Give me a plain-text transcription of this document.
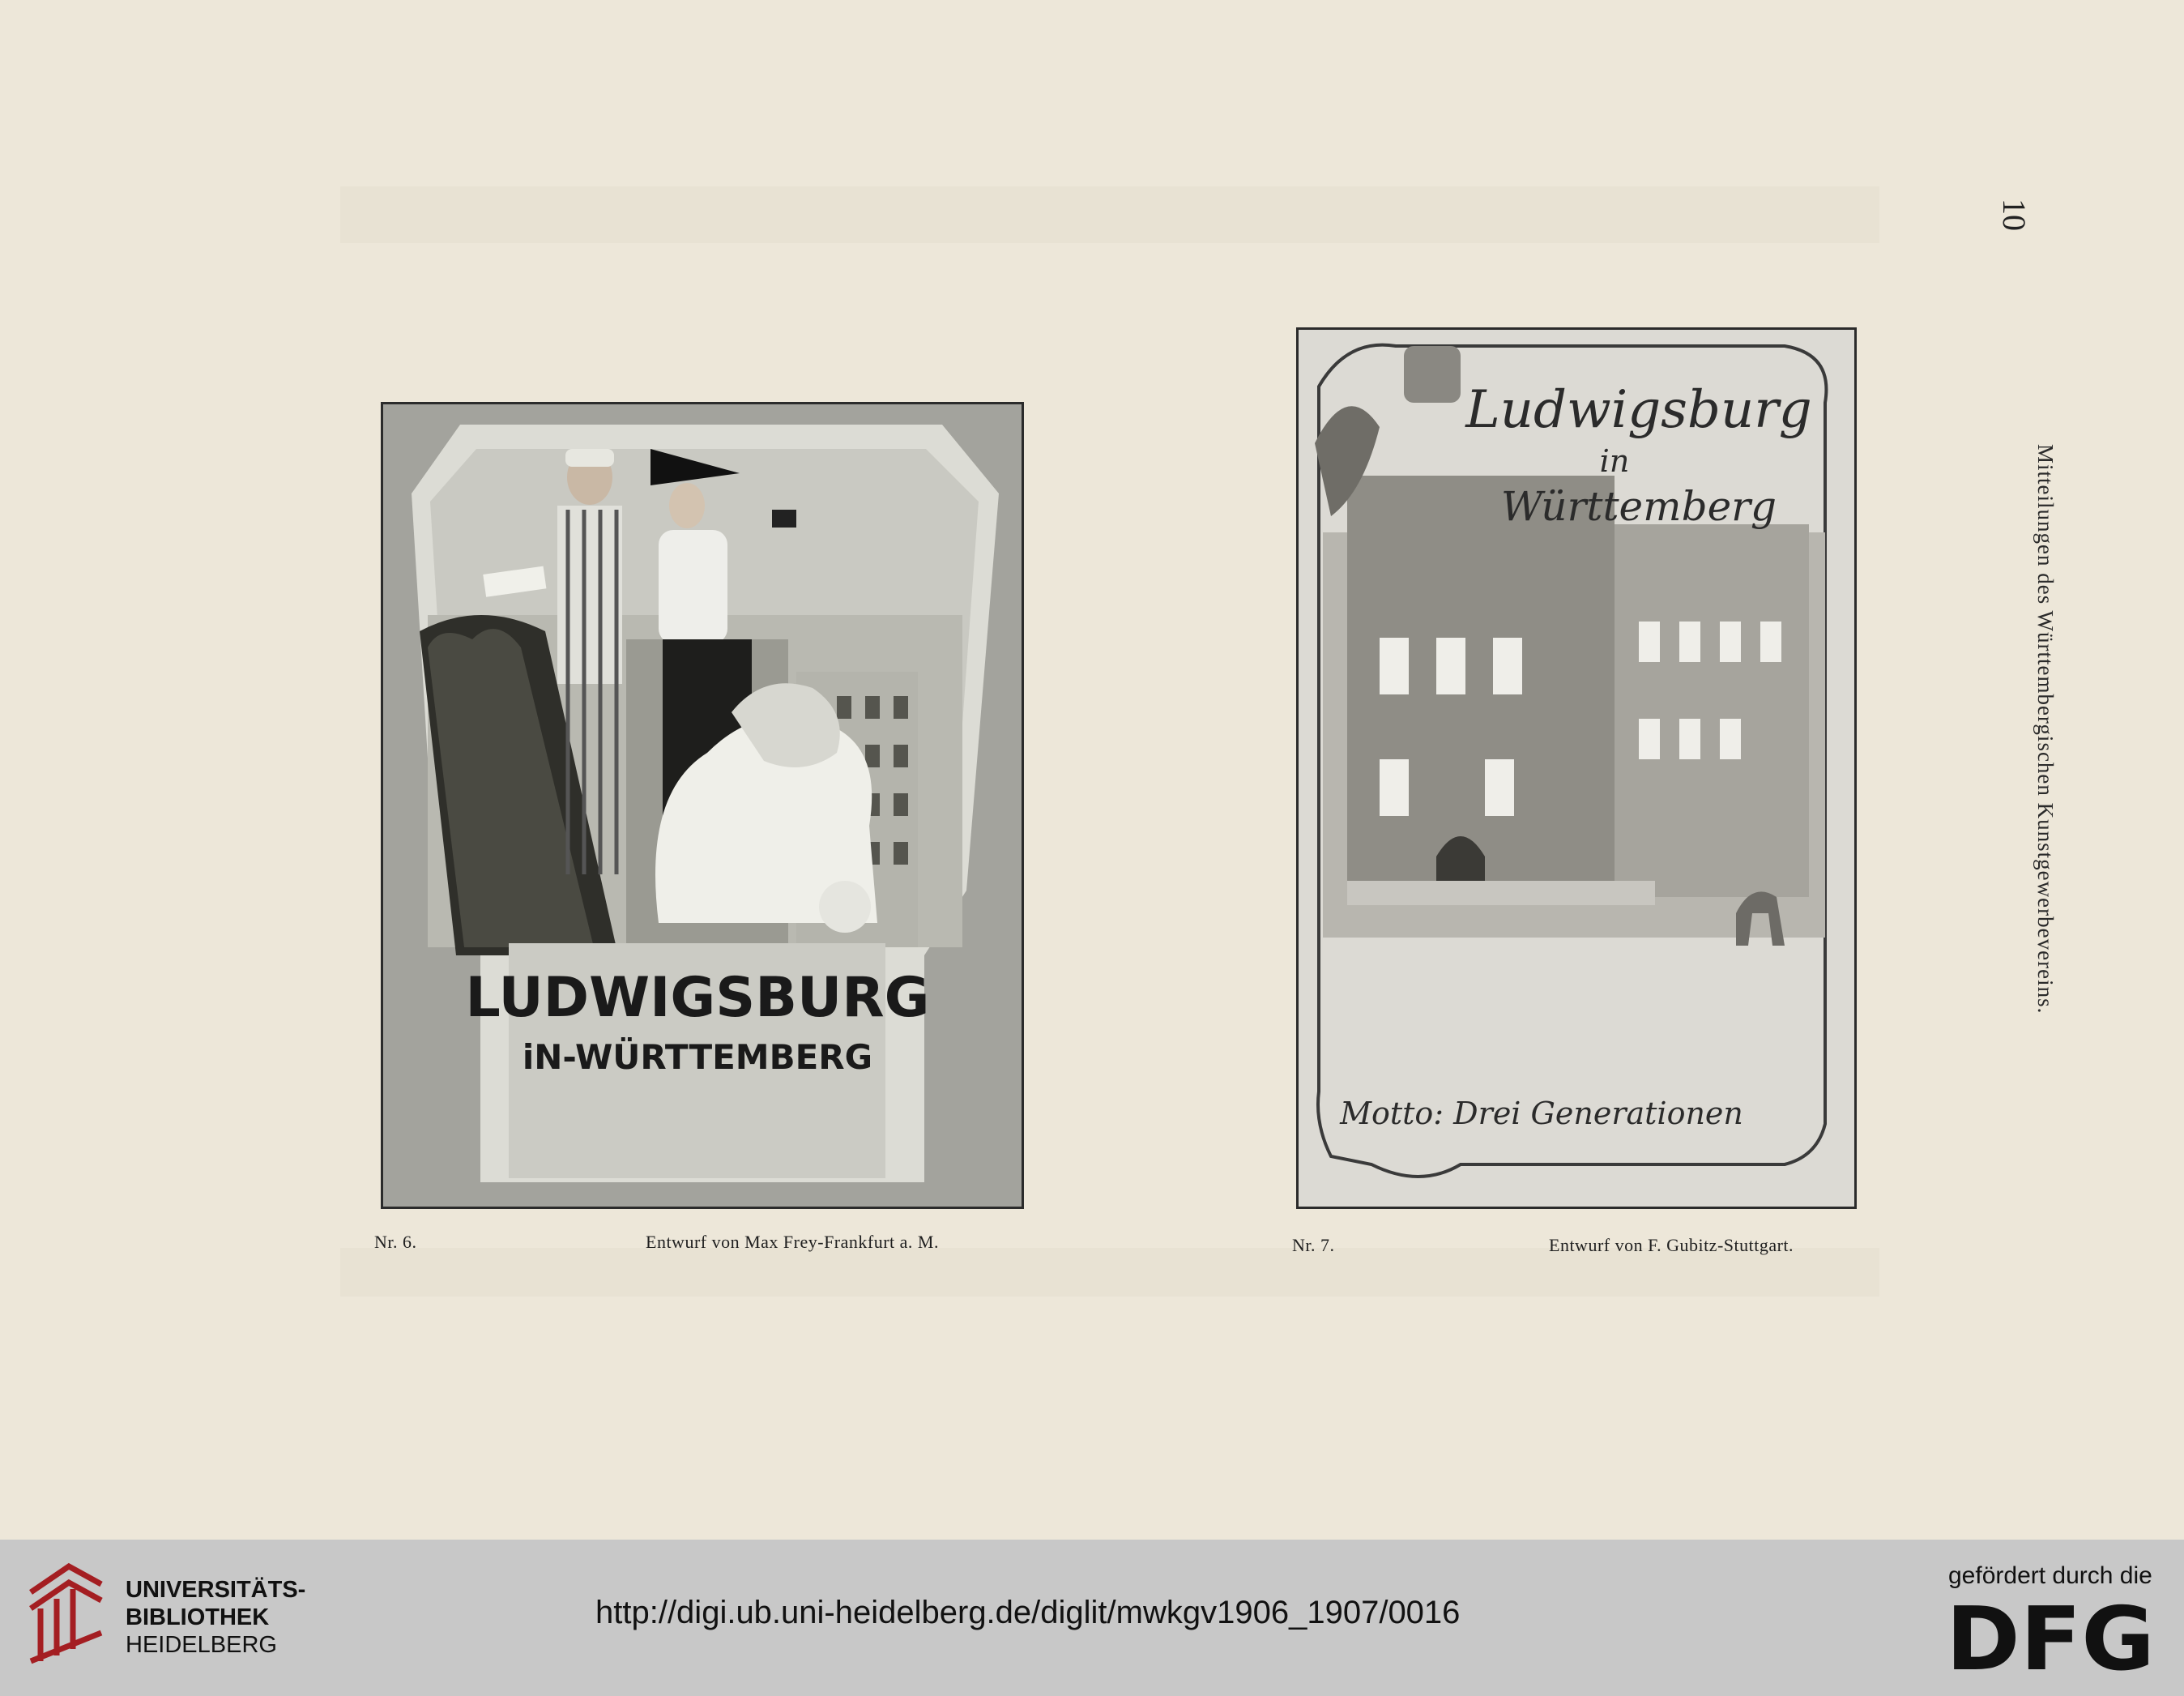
10
Mitteilungen des Württembergischen Kunstgewerbevereins.
LUDWIGSBURG
iN-WÜRTTEMBERG
Nr. 6.	Entwurf von Max Frey-Frankfurt a. M.
Ludwigsburg
in
Württemberg
Motto: Drei Generationen
Nr. 7.	Entwurf von F. Gubitz-Stuttgart.
UNIVERSITÄTS-
BIBLIOTHEK
HEIDELBERG
http://digi.ub.uni-heidelberg.de/diglit/mwkgv1906_1907/0016
gefördert durch die
DFG
